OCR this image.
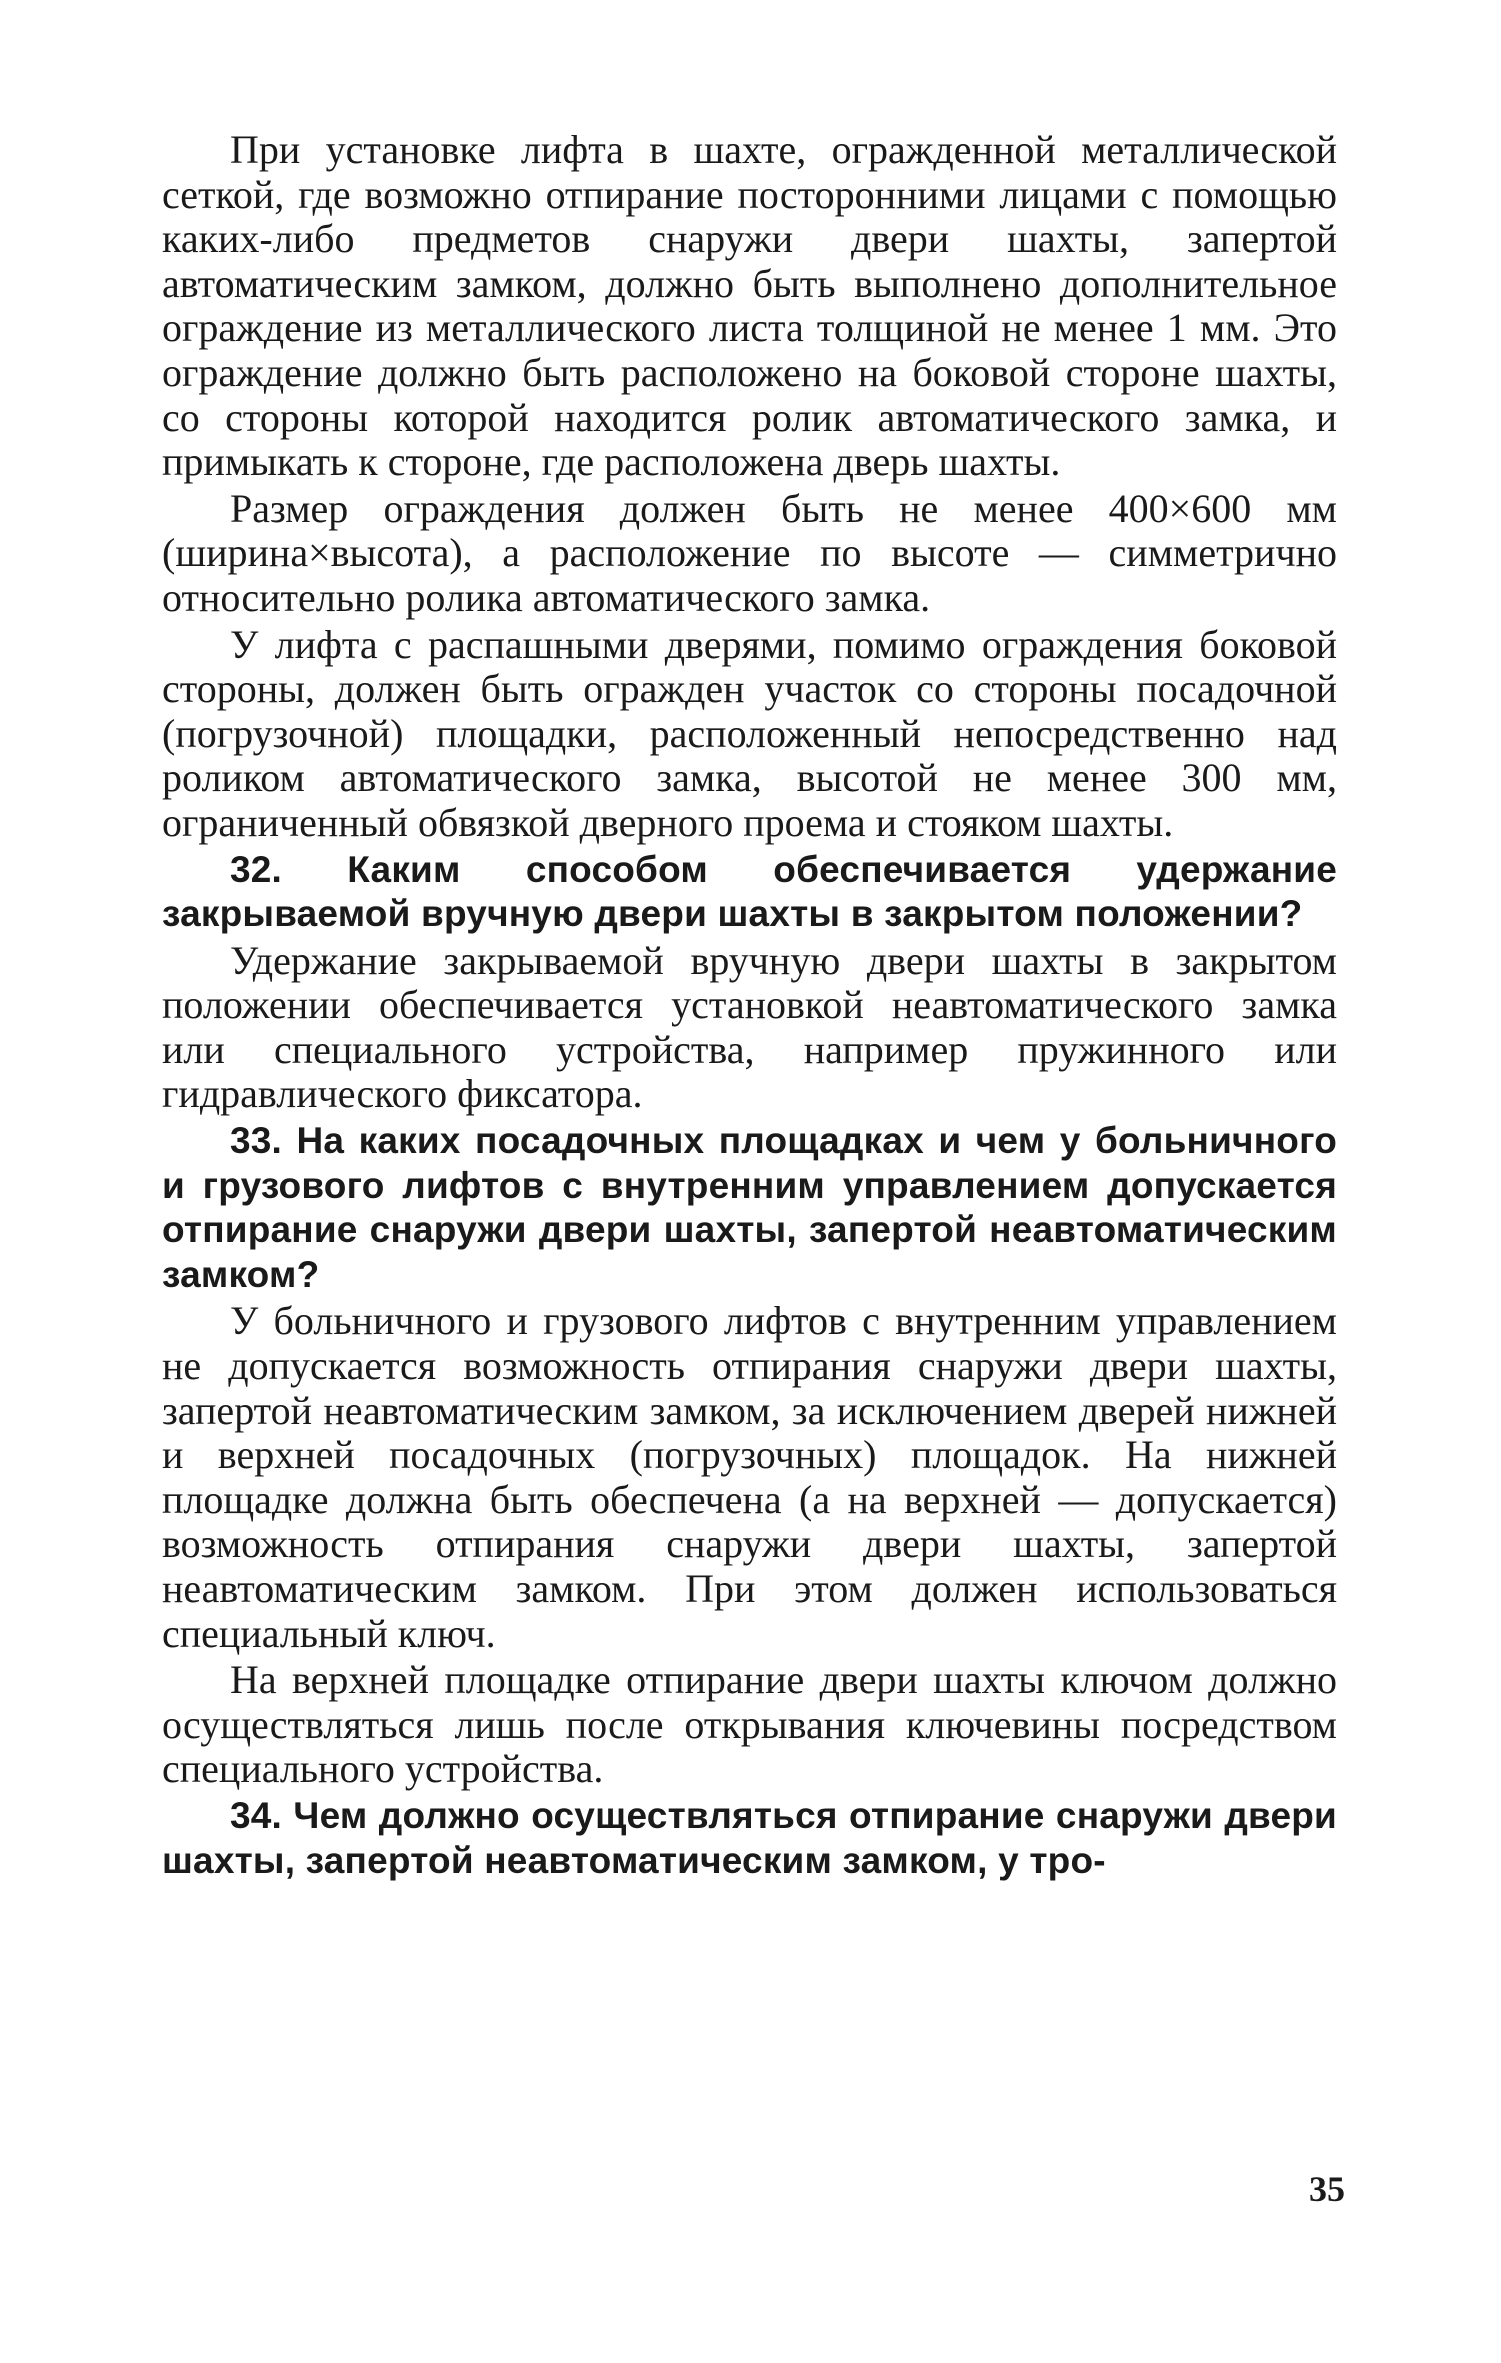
При установке лифта в шахте, огражденной металлической сеткой, где возможно отпирание посторонними лицами с помощью каких-либо предметов снаружи двери шахты, запертой автоматическим замком, должно быть выполнено дополнительное ограждение из металлического листа толщиной не менее 1 мм. Это ограждение должно быть расположено на боковой стороне шахты, со стороны которой находится ролик автоматического замка, и примыкать к стороне, где расположена дверь шахты.

Размер ограждения должен быть не менее 400×600 мм (ширина×высота), а расположение по высоте — симметрично относительно ролика автоматического замка.

У лифта с распашными дверями, помимо ограждения боковой стороны, должен быть огражден участок со стороны посадочной (погрузочной) площадки, расположенный непосредственно над роликом автоматического замка, высотой не менее 300 мм, ограниченный обвязкой дверного проема и стояком шахты.

32. Каким способом обеспечивается удержание закрываемой вручную двери шахты в закрытом положении?

Удержание закрываемой вручную двери шахты в закрытом положении обеспечивается установкой неавтоматического замка или специального устройства, например пружинного или гидравлического фиксатора.

33. На каких посадочных площадках и чем у больничного и грузового лифтов с внутренним управлением допускается отпирание снаружи двери шахты, запертой неавтоматическим замком?

У больничного и грузового лифтов с внутренним управлением не допускается возможность отпирания снаружи двери шахты, запертой неавтоматическим замком, за исключением дверей нижней и верхней посадочных (погрузочных) площадок. На нижней площадке должна быть обеспечена (а на верхней — допускается) возможность отпирания снаружи двери шахты, запертой неавтоматическим замком. При этом должен использоваться специальный ключ.

На верхней площадке отпирание двери шахты ключом должно осуществляться лишь после открывания ключевины посредством специального устройства.

34. Чем должно осуществляться отпирание снаружи двери шахты, запертой неавтоматическим замком, у тро-

35
